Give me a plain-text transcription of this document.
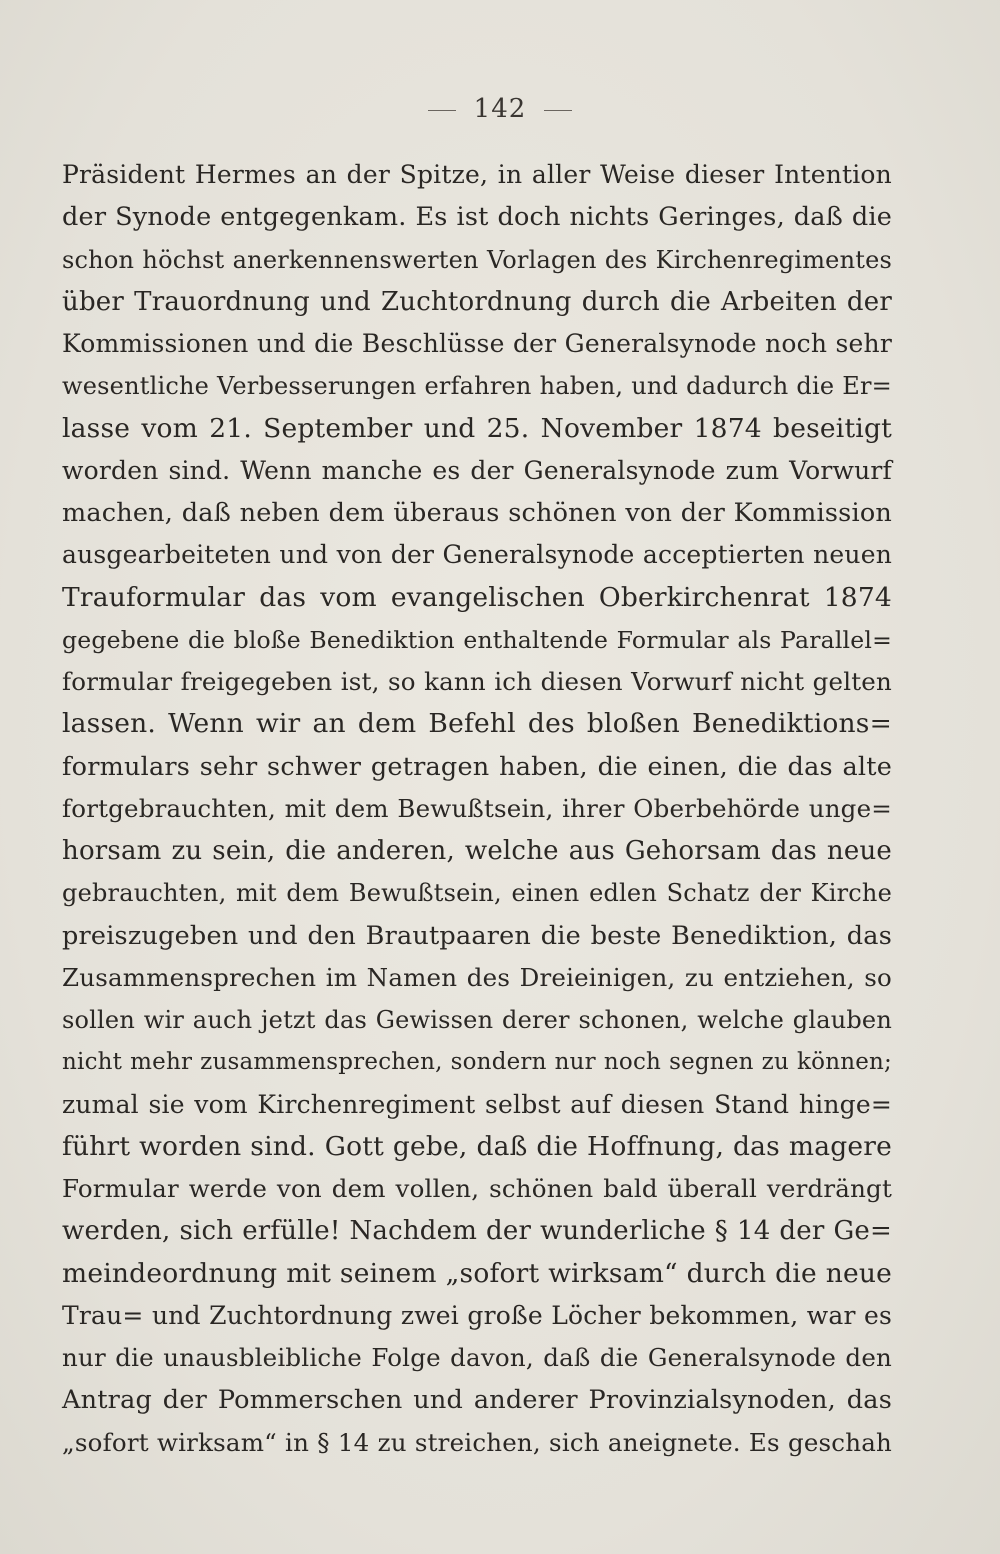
142
Präsident Hermes an der Spitze, in aller Weise dieser Intention
der Synode entgegenkam. Es ist doch nichts Geringes, daß die
schon höchst anerkennenswerten Vorlagen des Kirchenregimentes
über Trauordnung und Zuchtordnung durch die Arbeiten der
Kommissionen und die Beschlüsse der Generalsynode noch sehr
wesentliche Verbesserungen erfahren haben, und dadurch die Er=
lasse vom 21. September und 25. November 1874 beseitigt
worden sind. Wenn manche es der Generalsynode zum Vorwurf
machen, daß neben dem überaus schönen von der Kommission
ausgearbeiteten und von der Generalsynode acceptierten neuen
Trauformular das vom evangelischen Oberkirchenrat 1874
gegebene die bloße Benediktion enthaltende Formular als Parallel=
formular freigegeben ist, so kann ich diesen Vorwurf nicht gelten
lassen. Wenn wir an dem Befehl des bloßen Benediktions=
formulars sehr schwer getragen haben, die einen, die das alte
fortgebrauchten, mit dem Bewußtsein, ihrer Oberbehörde unge=
horsam zu sein, die anderen, welche aus Gehorsam das neue
gebrauchten, mit dem Bewußtsein, einen edlen Schatz der Kirche
preiszugeben und den Brautpaaren die beste Benediktion, das
Zusammensprechen im Namen des Dreieinigen, zu entziehen, so
sollen wir auch jetzt das Gewissen derer schonen, welche glauben
nicht mehr zusammensprechen, sondern nur noch segnen zu können;
zumal sie vom Kirchenregiment selbst auf diesen Stand hinge=
führt worden sind. Gott gebe, daß die Hoffnung, das magere
Formular werde von dem vollen, schönen bald überall verdrängt
werden, sich erfülle! Nachdem der wunderliche § 14 der Ge=
meindeordnung mit seinem „sofort wirksam“ durch die neue
Trau= und Zuchtordnung zwei große Löcher bekommen, war es
nur die unausbleibliche Folge davon, daß die Generalsynode den
Antrag der Pommerschen und anderer Provinzialsynoden, das
„sofort wirksam“ in § 14 zu streichen, sich aneignete. Es geschah
